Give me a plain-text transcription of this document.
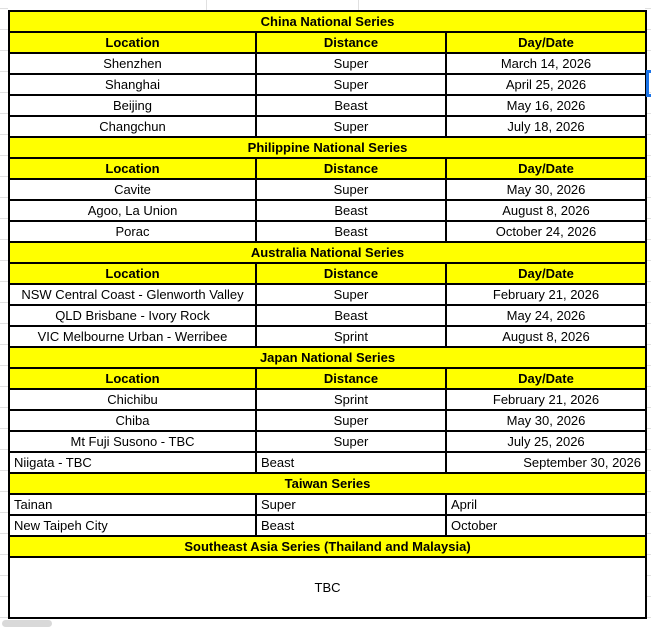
China National Series		
Location	Distance	Day/Date
Shenzhen	Super	March 14, 2026
Shanghai	Super	April 25, 2026
Beijing	Beast	May 16, 2026
Changchun	Super	July 18, 2026
Philippine National Series		
Location	Distance	Day/Date
Cavite	Super	May 30, 2026
Agoo, La Union	Beast	August 8, 2026
Porac	Beast	October 24, 2026
Australia National Series		
Location	Distance	Day/Date
NSW Central Coast - Glenworth Valley	Super	February 21, 2026
QLD Brisbane - Ivory Rock	Beast	May 24, 2026
VIC Melbourne Urban - Werribee	Sprint	August 8, 2026
Japan National Series		
Location	Distance	Day/Date
Chichibu	Sprint	February 21, 2026
Chiba	Super	May 30, 2026
Mt Fuji Susono - TBC	Super	July 25, 2026
Niigata - TBC	Beast	September 30, 2026
Taiwan Series		
Tainan	Super	April
New Taipeh City	Beast	October
Southeast Asia Series (Thailand and Malaysia)		
TBC		
